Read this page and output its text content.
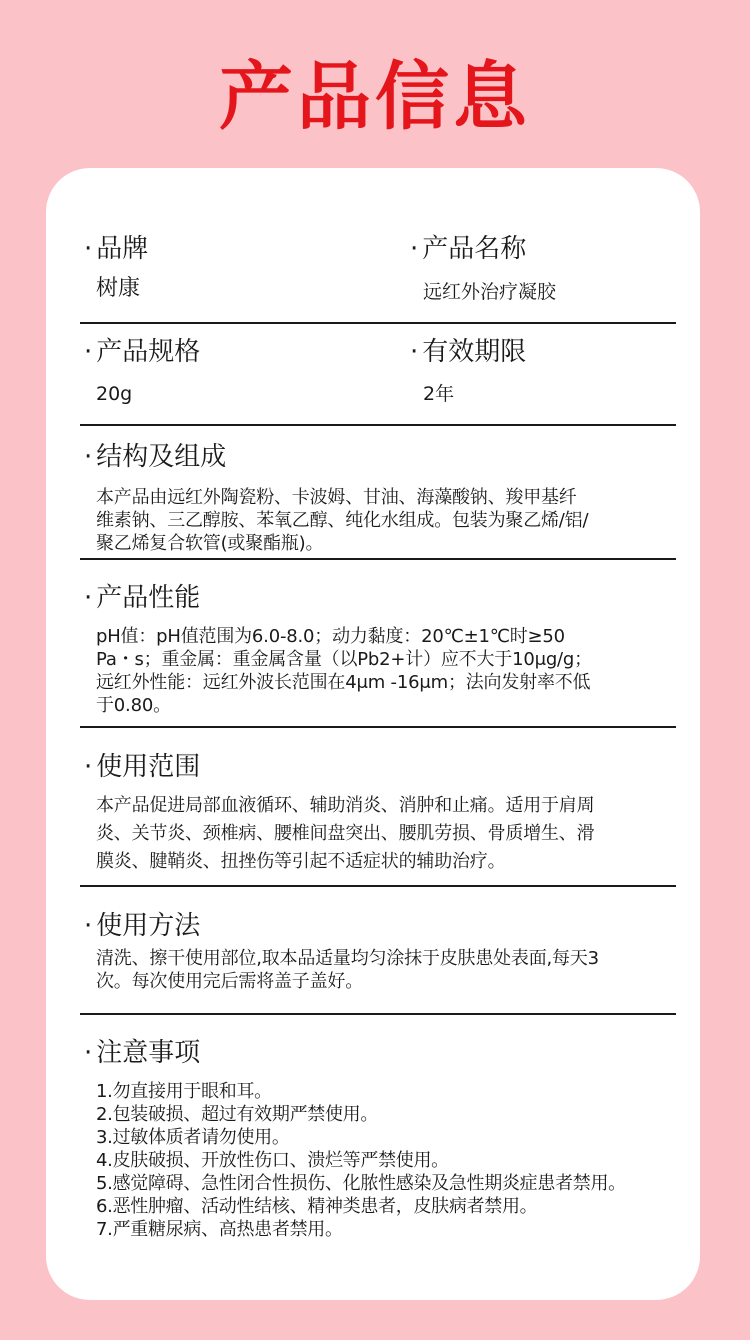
产品信息
· 品牌
树康
· 产品名称
远红外治疗凝胶
· 产品规格
20g
· 有效期限
2年
· 结构及组成
本产品由远红外陶瓷粉、卡波姆、甘油、海藻酸钠、羧甲基纤
维素钠、三乙醇胺、苯氧乙醇、纯化水组成。包装为聚乙烯/铝/
聚乙烯复合软管(或聚酯瓶)。
· 产品性能
pH值：pH值范围为6.0-8.0；动力黏度：20℃±1℃时≥50
Pa・s；重金属：重金属含量（以Pb2+计）应不大于10μg/g；
远红外性能：远红外波长范围在4μm -16μm；法向发射率不低
于0.80。
· 使用范围
本产品促进局部血液循环、辅助消炎、消肿和止痛。适用于肩周
炎、关节炎、颈椎病、腰椎间盘突出、腰肌劳损、骨质增生、滑
膜炎、腱鞘炎、扭挫伤等引起不适症状的辅助治疗。
· 使用方法
清洗、擦干使用部位,取本品适量均匀涂抹于皮肤患处表面,每天3
次。每次使用完后需将盖子盖好。
· 注意事项
1.勿直接用于眼和耳。
2.包装破损、超过有效期严禁使用。
3.过敏体质者请勿使用。
4.皮肤破损、开放性伤口、溃烂等严禁使用。
5.感觉障碍、急性闭合性损伤、化脓性感染及急性期炎症患者禁用。
6.恶性肿瘤、活动性结核、精神类患者，皮肤病者禁用。
7.严重糖尿病、高热患者禁用。
